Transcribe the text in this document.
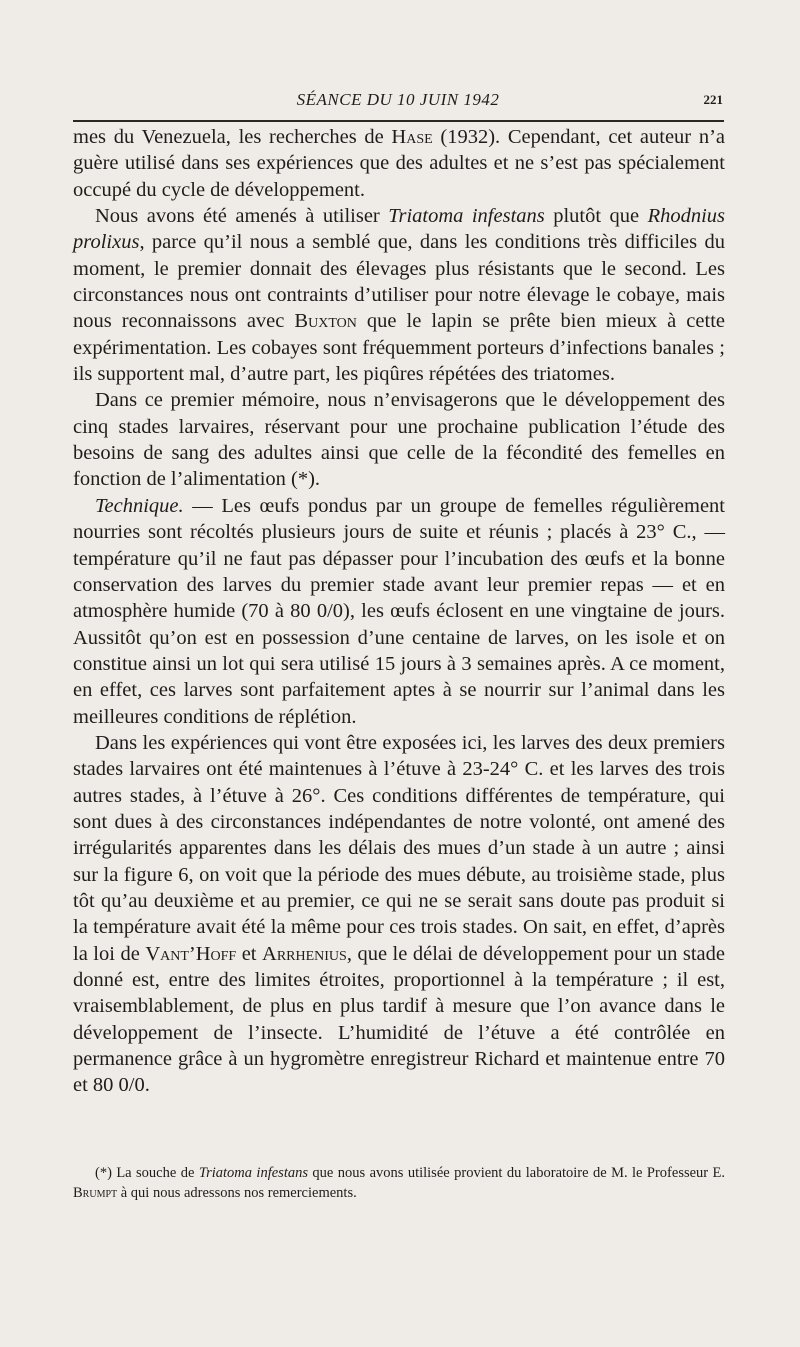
SÉANCE DU 10 JUIN 1942	221

mes du Venezuela, les recherches de Hase (1932). Cependant, cet auteur n’a guère utilisé dans ses expériences que des adultes et ne s’est pas spécialement occupé du cycle de développement.

Nous avons été amenés à utiliser Triatoma infestans plutôt que Rhodnius prolixus, parce qu’il nous a semblé que, dans les conditions très difficiles du moment, le premier donnait des élevages plus résistants que le second. Les circonstances nous ont contraints d’utiliser pour notre élevage le cobaye, mais nous reconnaissons avec Buxton que le lapin se prête bien mieux à cette expérimentation. Les cobayes sont fréquemment porteurs d’infections banales ; ils supportent mal, d’autre part, les piqûres répétées des triatomes.

Dans ce premier mémoire, nous n’envisagerons que le développement des cinq stades larvaires, réservant pour une prochaine publication l’étude des besoins de sang des adultes ainsi que celle de la fécondité des femelles en fonction de l’alimentation (*).

Technique. — Les œufs pondus par un groupe de femelles régulièrement nourries sont récoltés plusieurs jours de suite et réunis ; placés à 23° C., — température qu’il ne faut pas dépasser pour l’incubation des œufs et la bonne conservation des larves du premier stade avant leur premier repas — et en atmosphère humide (70 à 80 0/0), les œufs éclosent en une vingtaine de jours. Aussitôt qu’on est en possession d’une centaine de larves, on les isole et on constitue ainsi un lot qui sera utilisé 15 jours à 3 semaines après. A ce moment, en effet, ces larves sont parfaitement aptes à se nourrir sur l’animal dans les meilleures conditions de réplétion.

Dans les expériences qui vont être exposées ici, les larves des deux premiers stades larvaires ont été maintenues à l’étuve à 23-24° C. et les larves des trois autres stades, à l’étuve à 26°. Ces conditions différentes de température, qui sont dues à des circonstances indépendantes de notre volonté, ont amené des irrégularités apparentes dans les délais des mues d’un stade à un autre ; ainsi sur la figure 6, on voit que la période des mues débute, au troisième stade, plus tôt qu’au deuxième et au premier, ce qui ne se serait sans doute pas produit si la température avait été la même pour ces trois stades. On sait, en effet, d’après la loi de Vant’Hoff et Arrhenius, que le délai de développement pour un stade donné est, entre des limites étroites, proportionnel à la température ; il est, vraisemblablement, de plus en plus tardif à mesure que l’on avance dans le développement de l’insecte. L’humidité de l’étuve a été contrôlée en permanence grâce à un hygromètre enregistreur Richard et maintenue entre 70 et 80 0/0.

(*) La souche de Triatoma infestans que nous avons utilisée provient du laboratoire de M. le Professeur E. Brumpt à qui nous adressons nos remerciements.
